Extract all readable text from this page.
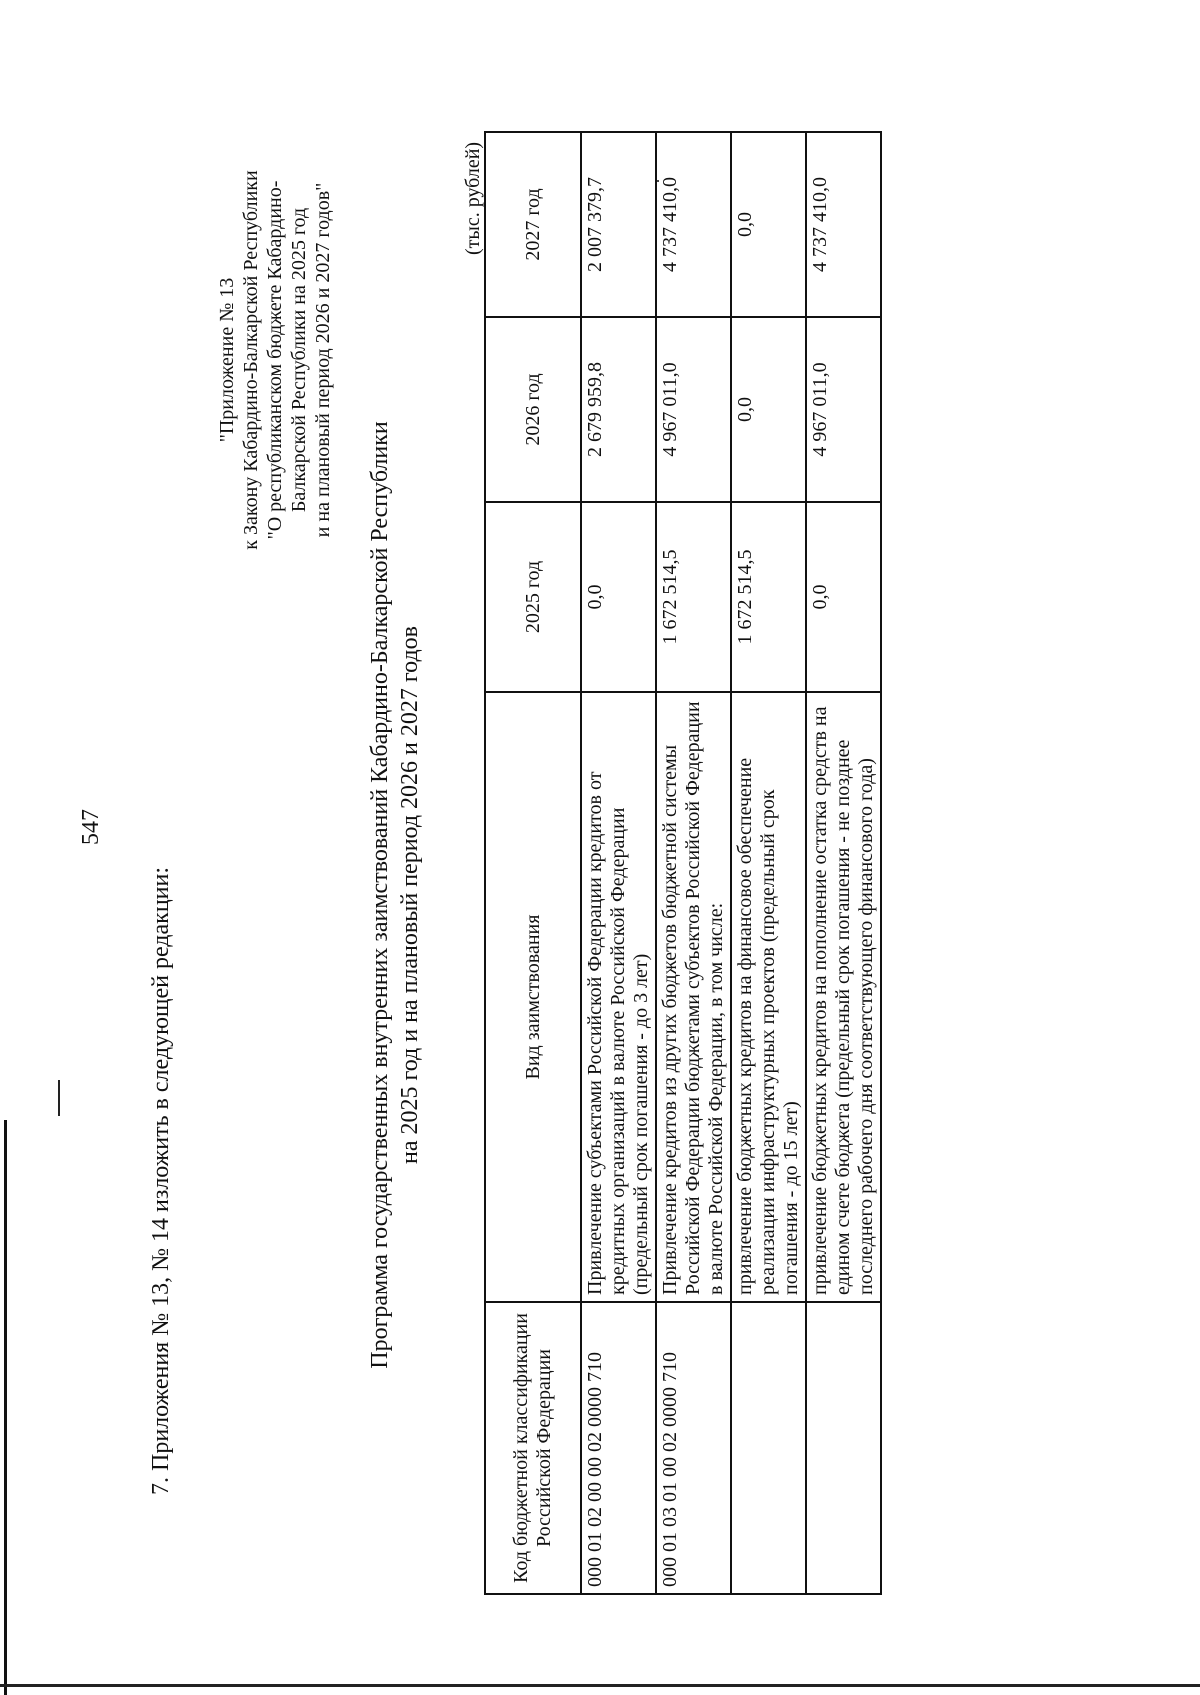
547
7. Приложения № 13, № 14 изложить в следующей редакции:
"Приложение № 13 к Закону Кабардино-Балкарской Республики "О республиканском бюджете Кабардино- Балкарской Республики на 2025 год и на плановый период 2026 и 2027 годов"
Программа государственных внутренних заимствований Кабардино-Балкарской Республики на 2025 год и на плановый период 2026 и 2027 годов
(тыс. рублей)
Код бюджетной классификации Российской Федерации	Вид заимствования	2025 год	2026 год	2027 год
000 01 02 00 00 02 0000 710	Привлечение субъектами Российской Федерации кредитов от кредитных организаций в валюте Российской Федерации (предельный срок погашения - до 3 лет)	0,0	2 679 959,8	2 007 379,7
000 01 03 01 00 02 0000 710	Привлечение кредитов из других бюджетов бюджетной системы Российской Федерации бюджетами субъектов Российской Федерации в валюте Российской Федерации, в том числе:	1 672 514,5	4 967 011,0	4 737 410,0
	привлечение бюджетных кредитов на финансовое обеспечение реализации инфраструктурных проектов (предельный срок погашения - до 15 лет)	1 672 514,5	0,0	0,0
	привлечение бюджетных кредитов на пополнение остатка средств на едином счете бюджета (предельный срок погашения - не позднее последнего рабочего дня соответствующего финансового года)	0,0	4 967 011,0	4 737 410,0
